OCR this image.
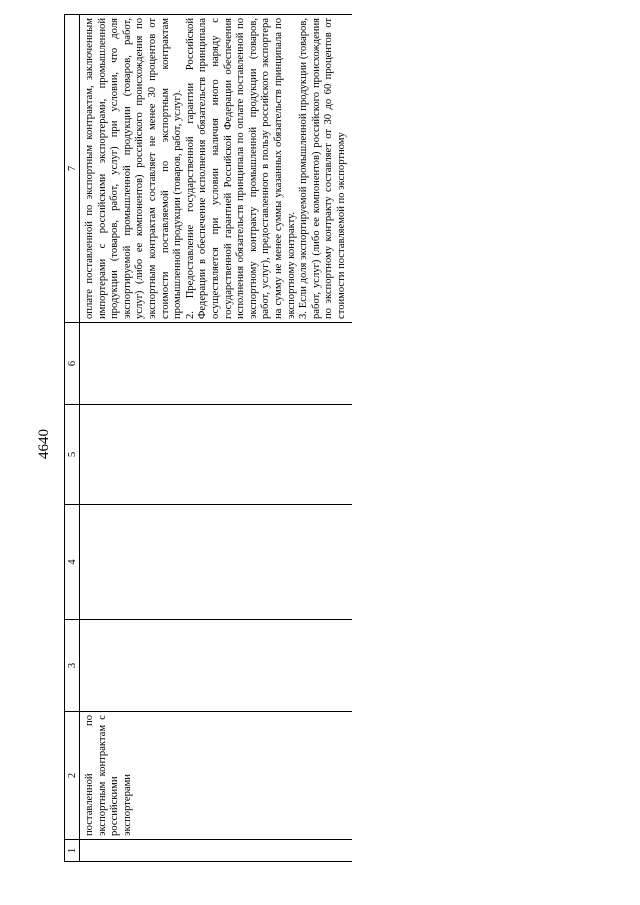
4640
1	2	3	4	5	6	7
	поставленной по экспортным контрактам с российскими экспортерами					оплате поставленной по экспортным контрактам, заключенным импортерами с российскими экспортерами, промышленной продукции (товаров, работ, услуг) при условии, что доля экспортируемой промышленной продукции (товаров, работ, услуг) (либо ее компонентов) российского происхождения по экспортным контрактам составляет не менее 30 процентов от стоимости поставляемой по экспортным контрактам промышленной продукции (товаров, работ, услуг). 2. Предоставление государственной гарантии Российской Федерации в обеспечение исполнения обязательств принципала осуществляется при условии наличия иного наряду с государственной гарантией Российской Федерации обеспечения исполнения обязательств принципала по оплате поставленной по экспортному контракту промышленной продукции (товаров, работ, услуг), предоставленного в пользу российского экспортера на сумму не менее суммы указанных обязательств принципала по экспортному контракту. 3. Если доля экспортируемой промышленной продукции (товаров, работ, услуг) (либо ее компонентов) российского происхождения по экспортному контракту составляет от 30 до 60 процентов от стоимости поставляемой по экспортному
